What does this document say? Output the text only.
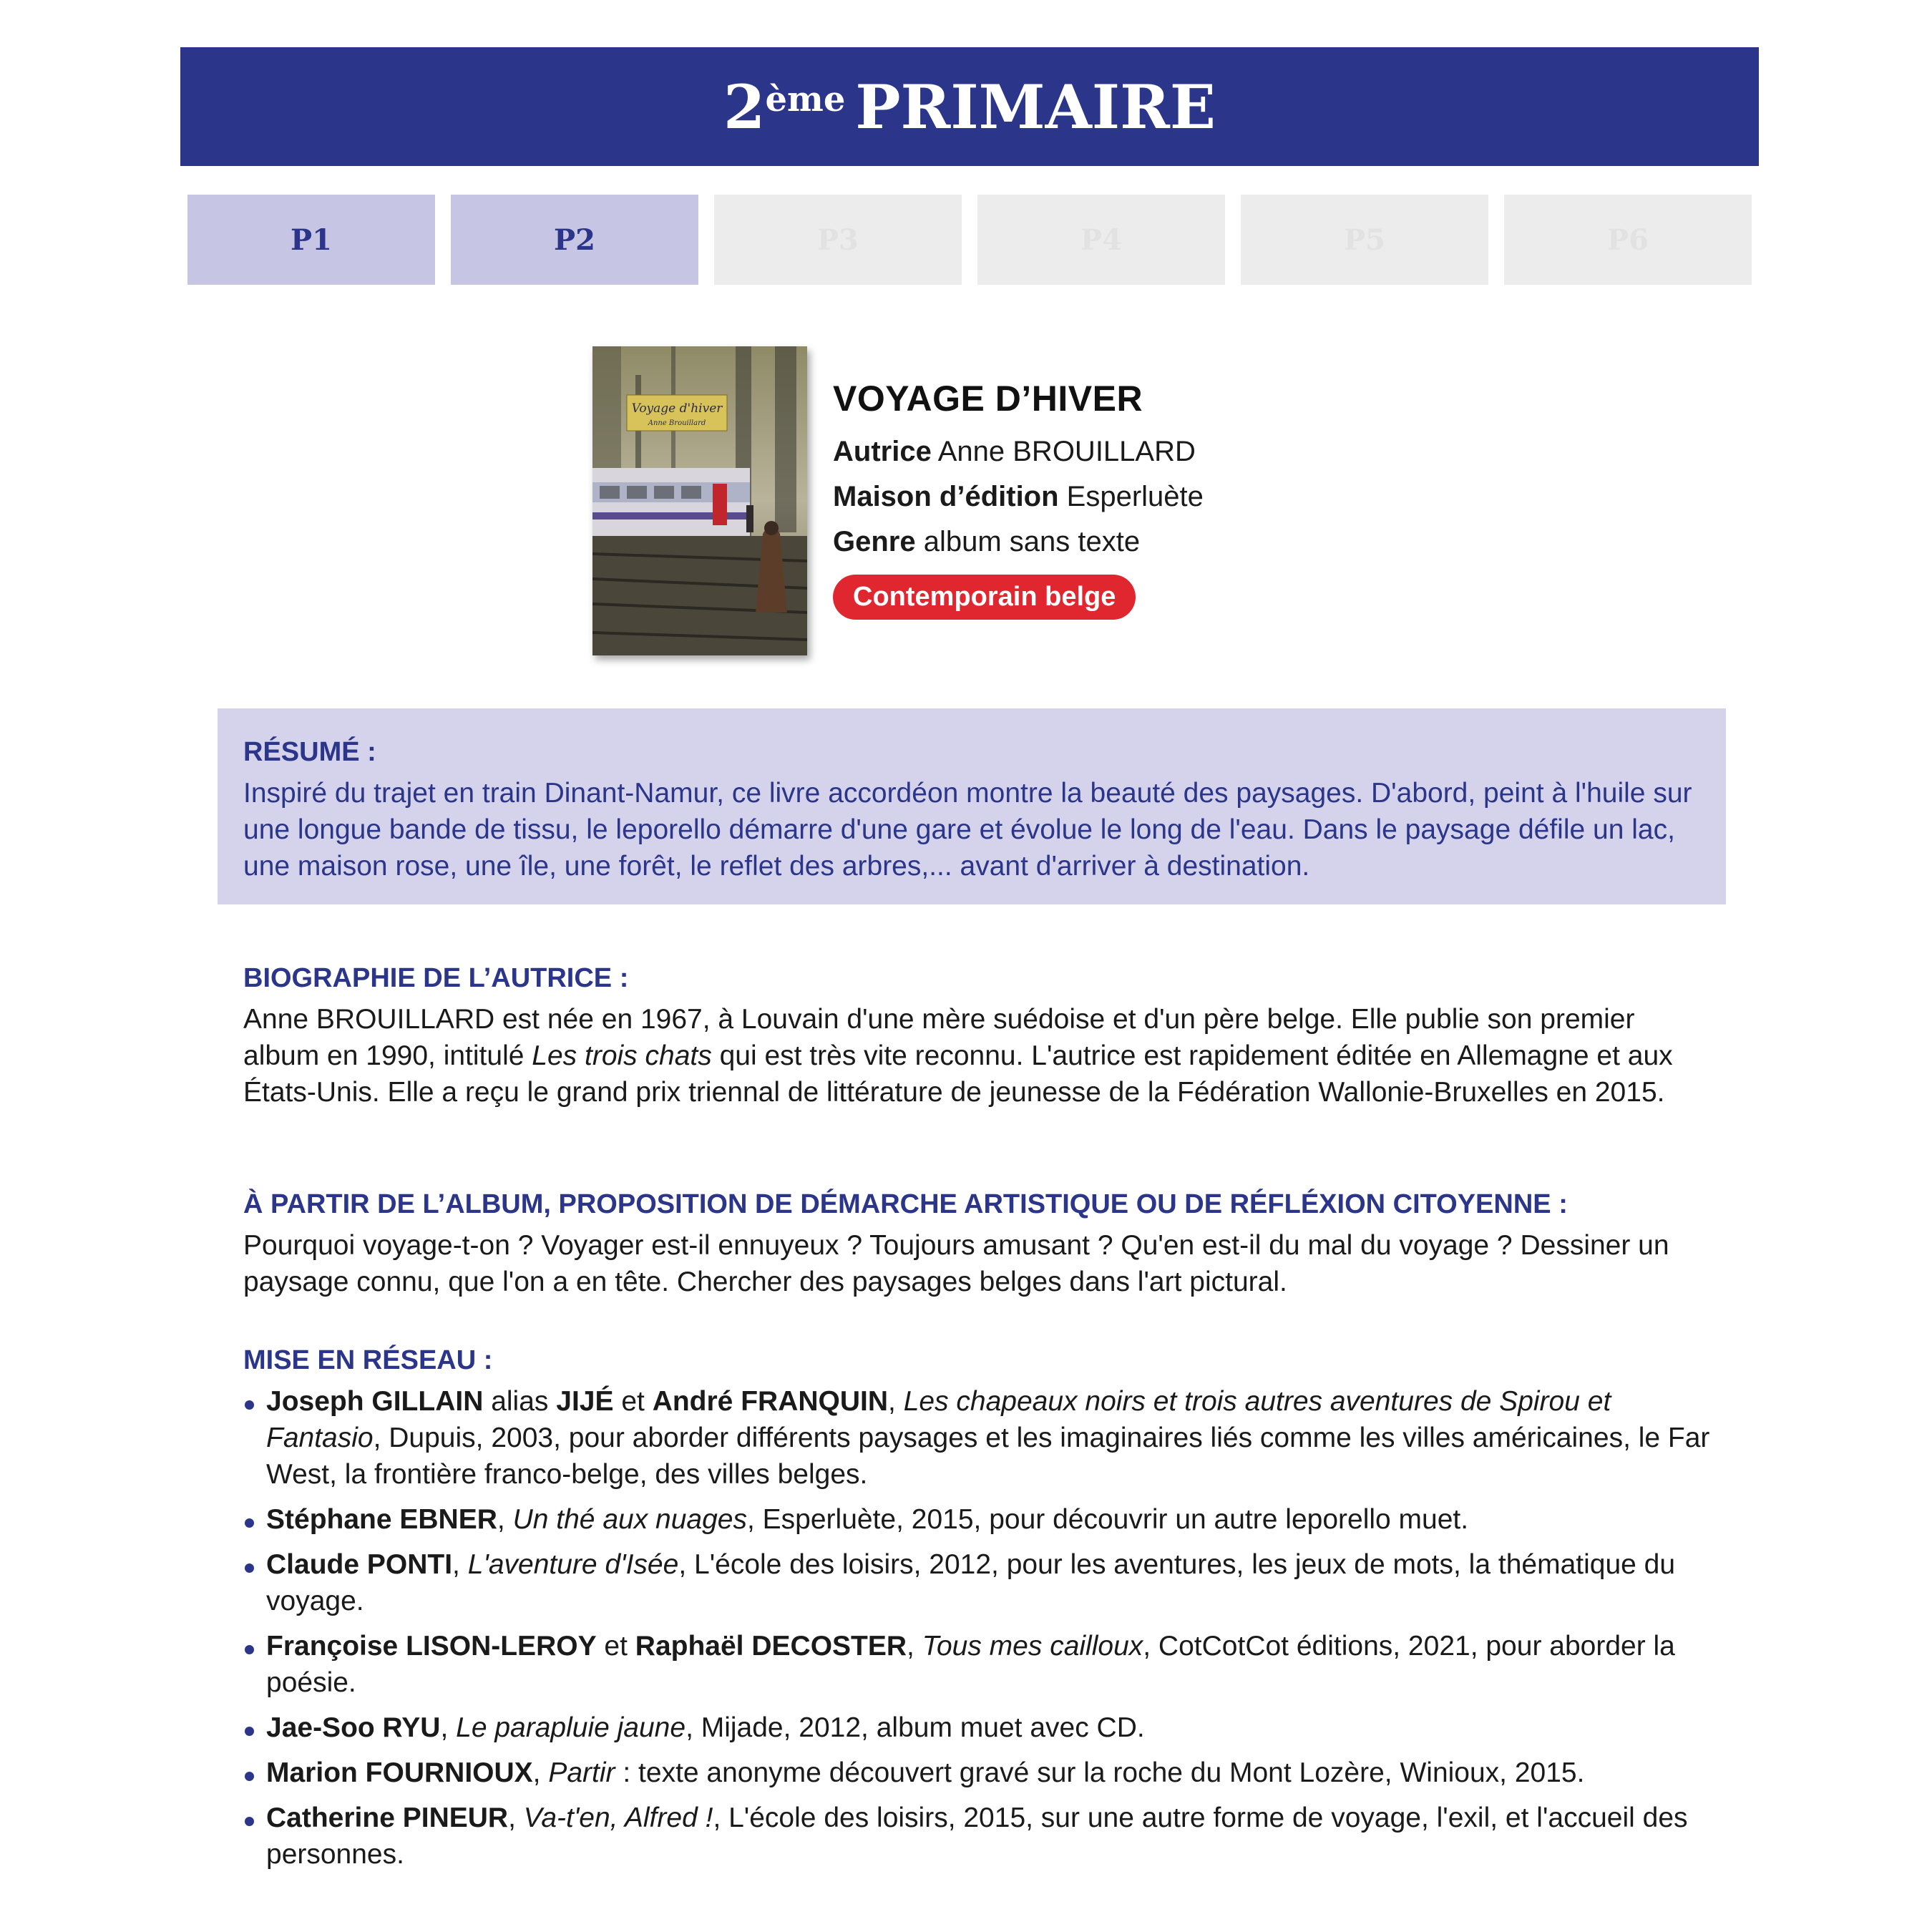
2ème PRIMAIRE
P1	P2	P3	P4	P5	P6
Voyage d'hiver
Anne Brouillard
VOYAGE D’HIVER
Autrice Anne BROUILLARD
Maison d’édition Esperluète
Genre album sans texte
Contemporain belge
RÉSUMÉ :
Inspiré du trajet en train Dinant-Namur, ce livre accordéon montre la beauté des paysages. D'abord, peint à l'huile sur une longue bande de tissu, le leporello démarre d'une gare et évolue le long de l'eau. Dans le paysage défile un lac, une maison rose, une île, une forêt, le reflet des arbres,... avant d'arriver à destination.
BIOGRAPHIE DE L’AUTRICE :

Anne BROUILLARD est née en 1967, à Louvain d'une mère suédoise et d'un père belge. Elle publie son premier album en 1990, intitulé Les trois chats qui est très vite reconnu. L'autrice est rapidement éditée en Allemagne et aux États-Unis. Elle a reçu le grand prix triennal de littérature de jeunesse de la Fédération Wallonie-Bruxelles en 2015.

À PARTIR DE L’ALBUM, PROPOSITION DE DÉMARCHE ARTISTIQUE OU DE RÉFLÉXION CITOYENNE :

Pourquoi voyage-t-on ? Voyager est-il ennuyeux ? Toujours amusant ? Qu'en est-il du mal du voyage ? Dessiner un paysage connu, que l'on a en tête. Chercher des paysages belges dans l'art pictural.

MISE EN RÉSEAU :
Joseph GILLAIN alias JIJÉ et André FRANQUIN, Les chapeaux noirs et trois autres aventures de Spirou et Fantasio, Dupuis, 2003, pour aborder différents paysages et les imaginaires liés comme les villes américaines, le Far West, la frontière franco-belge, des villes belges.
Stéphane EBNER, Un thé aux nuages, Esperluète, 2015, pour découvrir un autre leporello muet.
Claude PONTI, L'aventure d'Isée, L'école des loisirs, 2012, pour les aventures, les jeux de mots, la thématique du voyage.
Françoise LISON-LEROY et Raphaël DECOSTER, Tous mes cailloux, CotCotCot éditions, 2021, pour aborder la poésie.
Jae-Soo RYU, Le parapluie jaune, Mijade, 2012, album muet avec CD.
Marion FOURNIOUX, Partir : texte anonyme découvert gravé sur la roche du Mont Lozère, Winioux, 2015.
Catherine PINEUR, Va-t'en, Alfred !, L'école des loisirs, 2015, sur une autre forme de voyage, l'exil, et l'accueil des personnes.
